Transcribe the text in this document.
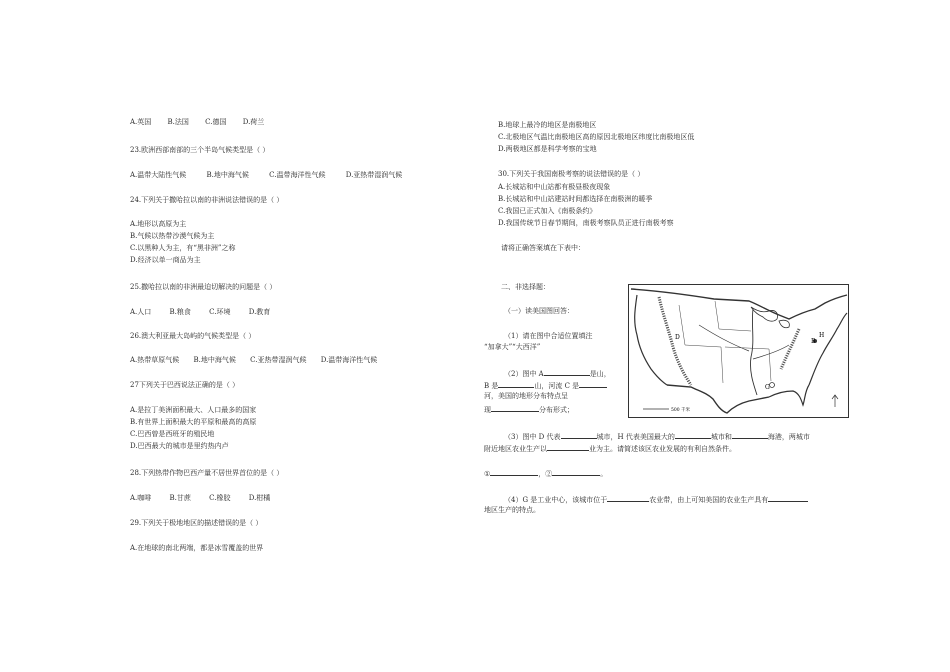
A.英国 B.法国 C.德国 D.荷兰
23.欧洲西部南部的三个半岛气候类型是（ ）
A.温带大陆性气候	B.地中海气候	C.温带海洋性气候	D.亚热带湿润气候
24.下列关于撒哈拉以南的非洲说法错误的是（ ）
A.地形以高原为主
B.气候以热带沙漠气候为主
C.以黑种人为主，有“黑非洲”之称
D.经济以单一商品为主
25.撒哈拉以南的非洲最迫切解决的问题是（ ）
A.人口	B.粮食	C.环境	D.教育
26.澳大利亚最大岛屿的气候类型是（ ）
A.热带草原气候 B.地中海气候 C.亚热带湿润气候 D.温带海洋性气候
27下列关于巴西说法正确的是（ ）
A.是拉丁美洲面积最大、人口最多的国家
B.有世界上面积最大的平原和最高的高原
C.巴西曾是西班牙的殖民地
D.巴西最大的城市是里约热内卢
28.下列热带作物巴西产量不居世界首位的是（ ）
A.咖啡	B.甘蔗	C.橡胶	D.柑橘
29.下列关于极地地区的描述错误的是（ ）
A.在地球的南北两端，都是冰雪覆盖的世界
B.地球上最冷的地区是南极地区
C.北极地区气温比南极地区高的原因北极地区纬度比南极地区低
D.两极地区都是科学考察的宝地
30.下列关于我国南极考察的说法错误的是（ ）
A.长城站和中山站都有极昼极夜现象
B.长城站和中山站建站时间都选择在南极洲的暖季
C.我国已正式加入《南极条约》
D.我国传统节日春节期间，南极考察队员正进行南极考察
请将正确答案填在下表中：
二、非选择题：
（一）读美国图回答：
（1）请在图中合适位置填注
“加拿大”“大西洋”
（2）图中 A	是山，
B 是	山，河流 C 是
河，美国的地形分布特点呈
现	分布形式；
（3）图中 D 代表	城市，H 代表美国最大的	城市和	海港，两城市
附近地区农业生产以	业为主。请简述该区农业发展的有利自然条件。
①	，②	。
（4）G 是工业中心，该城市位于	农业带，由上可知美国的农业生产具有
地区生产的特点。
D
B
H
G
500 千米
